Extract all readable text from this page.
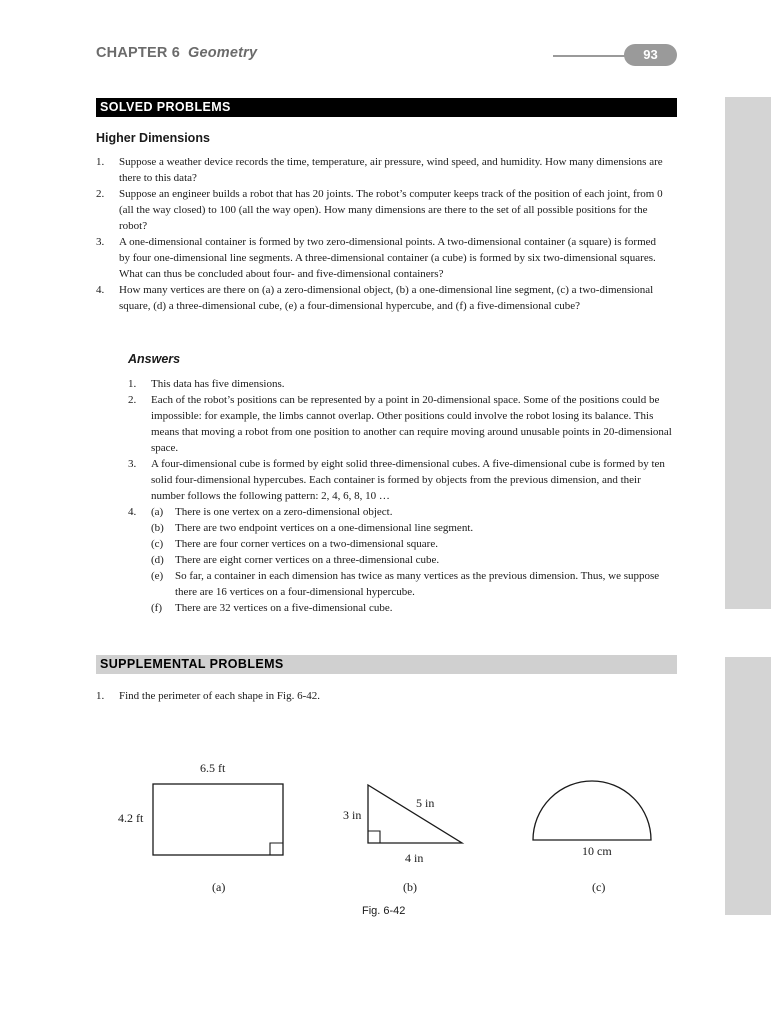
CHAPTER 6 Geometry	93
SOLVED PROBLEMS
Higher Dimensions
1. Suppose a weather device records the time, temperature, air pressure, wind speed, and humidity. How many dimensions are there to this data?
2. Suppose an engineer builds a robot that has 20 joints. The robot’s computer keeps track of the position of each joint, from 0 (all the way closed) to 100 (all the way open). How many dimensions are there to the set of all possible positions for the robot?
3. A one-dimensional container is formed by two zero-dimensional points. A two-dimensional container (a square) is formed by four one-dimensional line segments. A three-dimensional container (a cube) is formed by six two-dimensional squares. What can thus be concluded about four- and five-dimensional containers?
4. How many vertices are there on (a) a zero-dimensional object, (b) a one-dimensional line segment, (c) a two-dimensional square, (d) a three-dimensional cube, (e) a four-dimensional hypercube, and (f) a five-dimensional cube?
Answers
1. This data has five dimensions.
2. Each of the robot’s positions can be represented by a point in 20-dimensional space. Some of the positions could be impossible: for example, the limbs cannot overlap. Other positions could involve the robot losing its balance. This means that moving a robot from one position to another can require moving around unusable points in 20-dimensional space.
3. A four-dimensional cube is formed by eight solid three-dimensional cubes. A five-dimensional cube is formed by ten solid four-dimensional hypercubes. Each container is formed by objects from the previous dimension, and their number follows the following pattern: 2, 4, 6, 8, 10 …
4. (a) There is one vertex on a zero-dimensional object.
(b) There are two endpoint vertices on a one-dimensional line segment.
(c) There are four corner vertices on a two-dimensional square.
(d) There are eight corner vertices on a three-dimensional cube.
(e) So far, a container in each dimension has twice as many vertices as the previous dimension. Thus, we suppose there are 16 vertices on a four-dimensional hypercube.
(f) There are 32 vertices on a five-dimensional cube.
SUPPLEMENTAL PROBLEMS
1. Find the perimeter of each shape in Fig. 6-42.
6.5 ft
4.2 ft
(a)
3 in
5 in
4 in
(b)
10 cm
(c)
Fig. 6-42
